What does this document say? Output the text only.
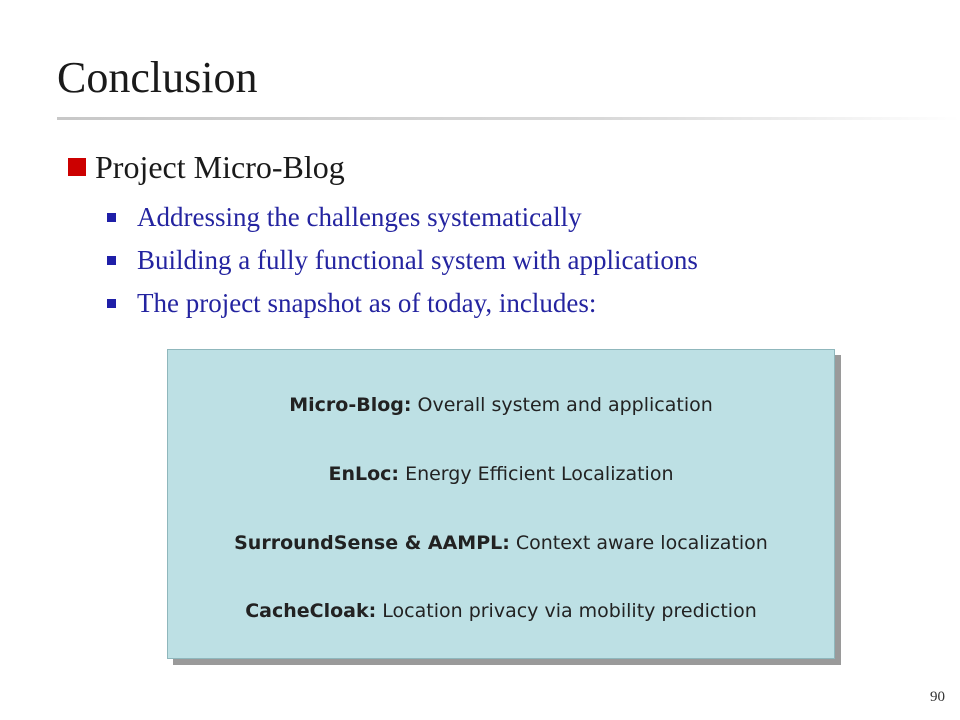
Conclusion
Project Micro-Blog
Addressing the challenges systematically
Building a fully functional system with applications
The project snapshot as of today, includes:
Micro-Blog: Overall system and application
EnLoc: Energy Efficient Localization
SurroundSense & AAMPL: Context aware localization
CacheCloak: Location privacy via mobility prediction
90
